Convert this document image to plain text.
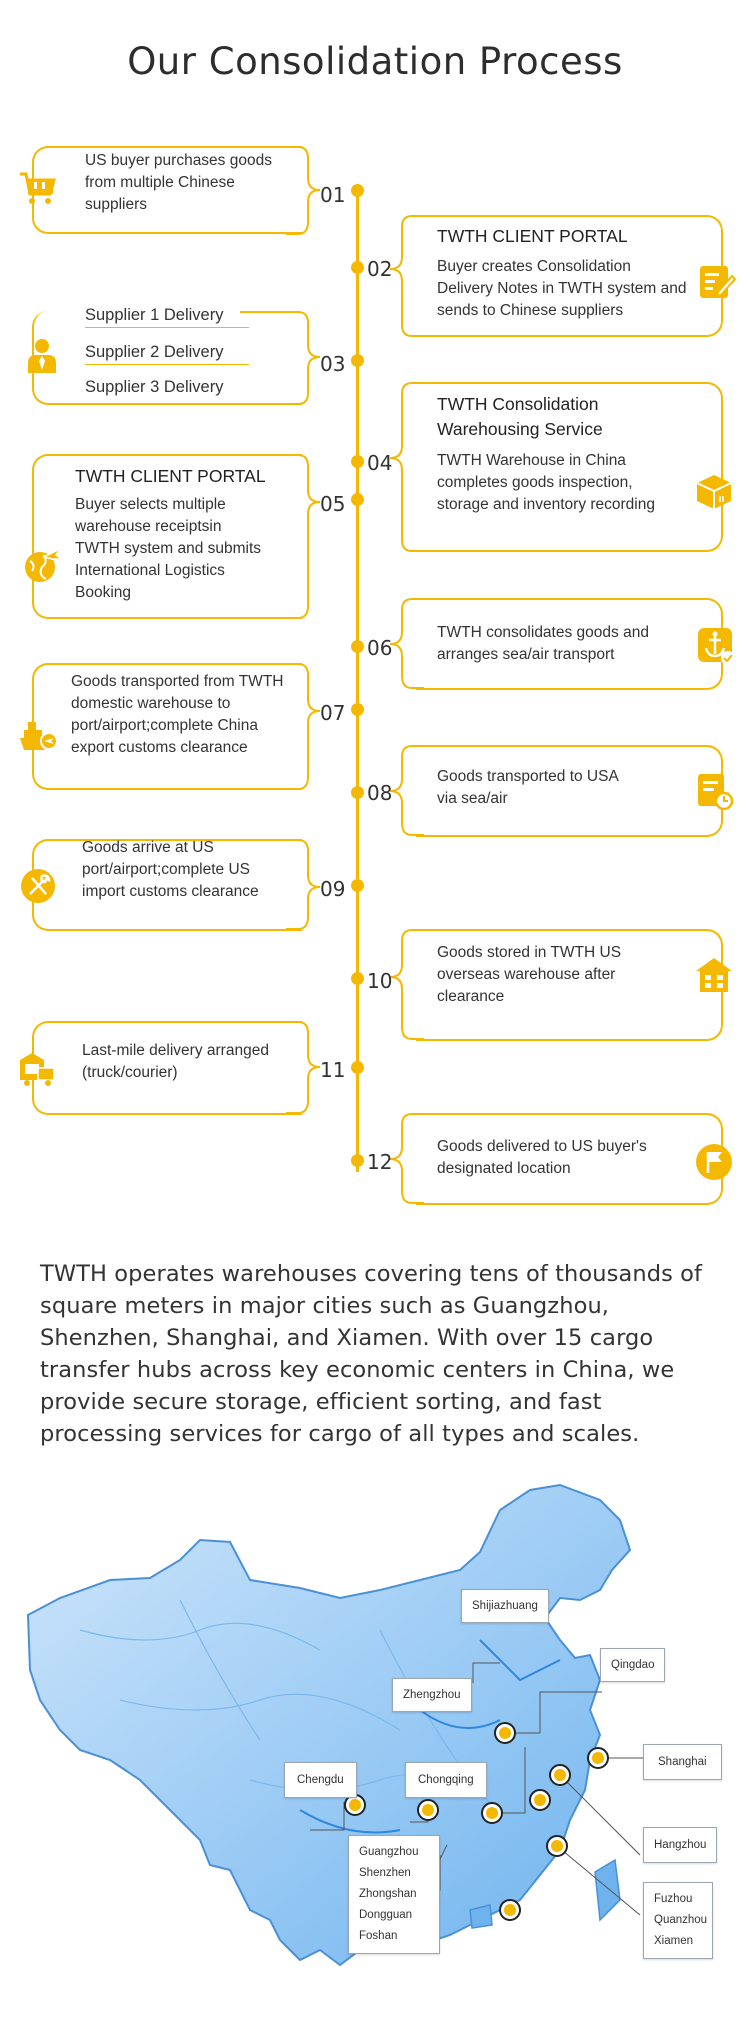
Our Consolidation Process
US buyer purchases goods from multiple Chinese suppliers	01
TWTH CLIENT PORTAL
Buyer creates Consolidation Delivery Notes in TWTH system and sends to Chinese suppliers
02
Supplier 1 Delivery
Supplier 2 Delivery
Supplier 3 Delivery
03
TWTH Consolidation Warehousing Service
TWTH Warehouse in China completes goods inspection, storage and inventory recording
04
TWTH CLIENT PORTAL
Buyer selects multiple warehouse receiptsin TWTH system and submits International Logistics Booking
05
TWTH consolidates goods and arranges sea/air transport
06
Goods transported from TWTH domestic warehouse to port/airport;complete China export customs clearance
07
Goods transported to USA via sea/air
08
Goods arrive at US port/airport;complete US import customs clearance	09
Goods stored in TWTH US overseas warehouse after clearance
10
Last-mile delivery arranged (truck/courier)	11
Goods delivered to US buyer's designated location
12
TWTH operates warehouses covering tens of thousands of square meters in major cities such as Guangzhou, Shenzhen, Shanghai, and Xiamen. With over 15 cargo transfer hubs across key economic centers in China, we provide secure storage, efficient sorting, and fast processing services for cargo of all types and scales.
Shijiazhuang
Qingdao
Zhengzhou
Shanghai
Chengdu	Chongqing
Hangzhou
Guangzhou
Shenzhen
Zhongshan
Dongguan
Foshan
Fuzhou
Quanzhou
Xiamen
